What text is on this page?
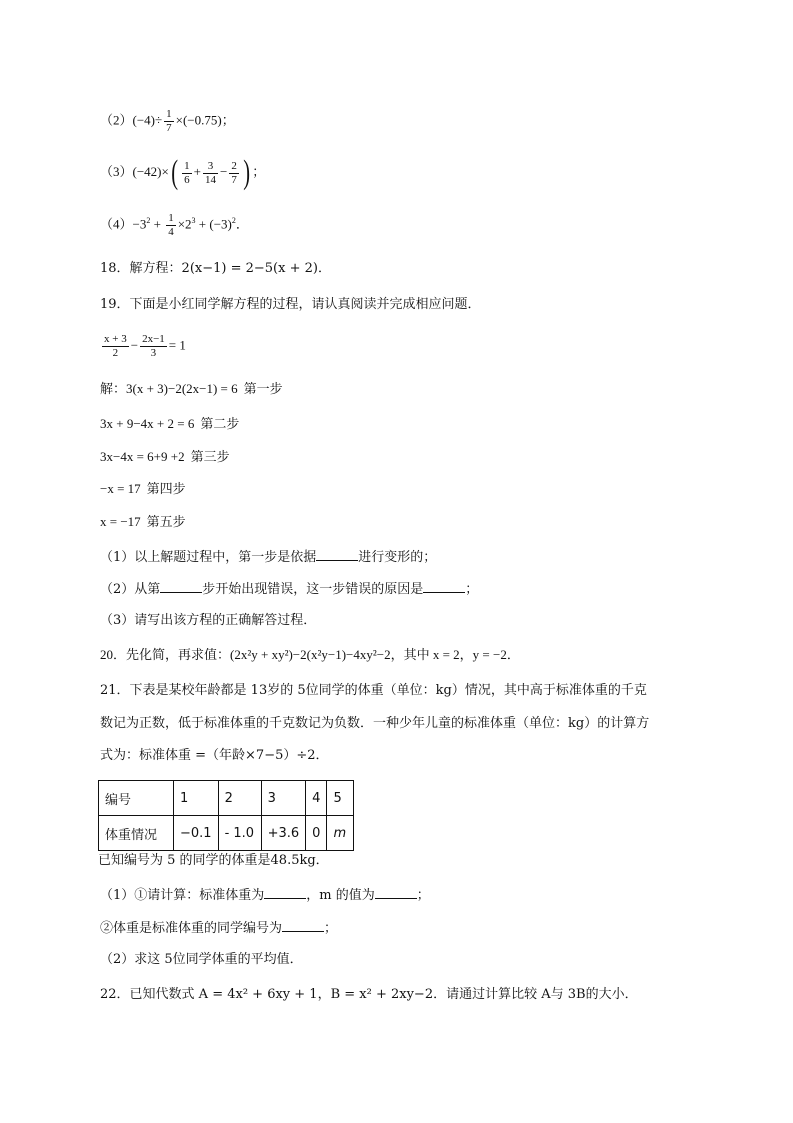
$(2)(-4)\div \frac{1}{7} \times(-0.75)$；
$(3)(-42)\times( \frac{1}{6} + \frac{3}{14} - \frac{2}{7}$ ) ；
$(4)-3^2 + \frac{1}{4} \times 2^3 + (-3)^2$．
18．解方程：2(x−1) = 2−5(x + 2)．
19．下面是小红同学解方程的过程，请认真阅读并完成相应问题．
$\frac{x + 3}{2} - \frac{2x-1}{3} = 1$
解：3(x + 3)−2(2x−1) = 6 第一步
3x + 9−4x + 2 = 6 第二步
3x−4x = 6+9 +2 第三步
−x = 17 第四步
x = −17 第五步
（1）以上解题过程中，第一步是依据	进行变形的；
（2）从第	步开始出现错误，这一步错误的原因是	；
（3）请写出该方程的正确解答过程．
20．先化简，再求值：(2x²y + xy²)−2(x²y−1)−4xy²−2，其中 x = 2，y = −2．
21．下表是某校年龄都是 13岁的 5位同学的体重（单位：kg）情况，其中高于标准体重的千克
数记为正数，低于标准体重的千克数记为负数．一种少年儿童的标准体重（单位：kg）的计算方
式为：标准体重 =（年龄×7−5）÷2．
编号	1	2	3	4	5
体重情况	−0.1	- 1.0	+3.6	0	m
已知编号为 5 的同学的体重是48.5kg．
（1）①请计算：标准体重为	，m 的值为	；
②体重是标准体重的同学编号为	；
（2）求这 5位同学体重的平均值．
22．已知代数式 A = 4x² + 6xy + 1，B = x² + 2xy−2．请通过计算比较 A与 3B的大小．
